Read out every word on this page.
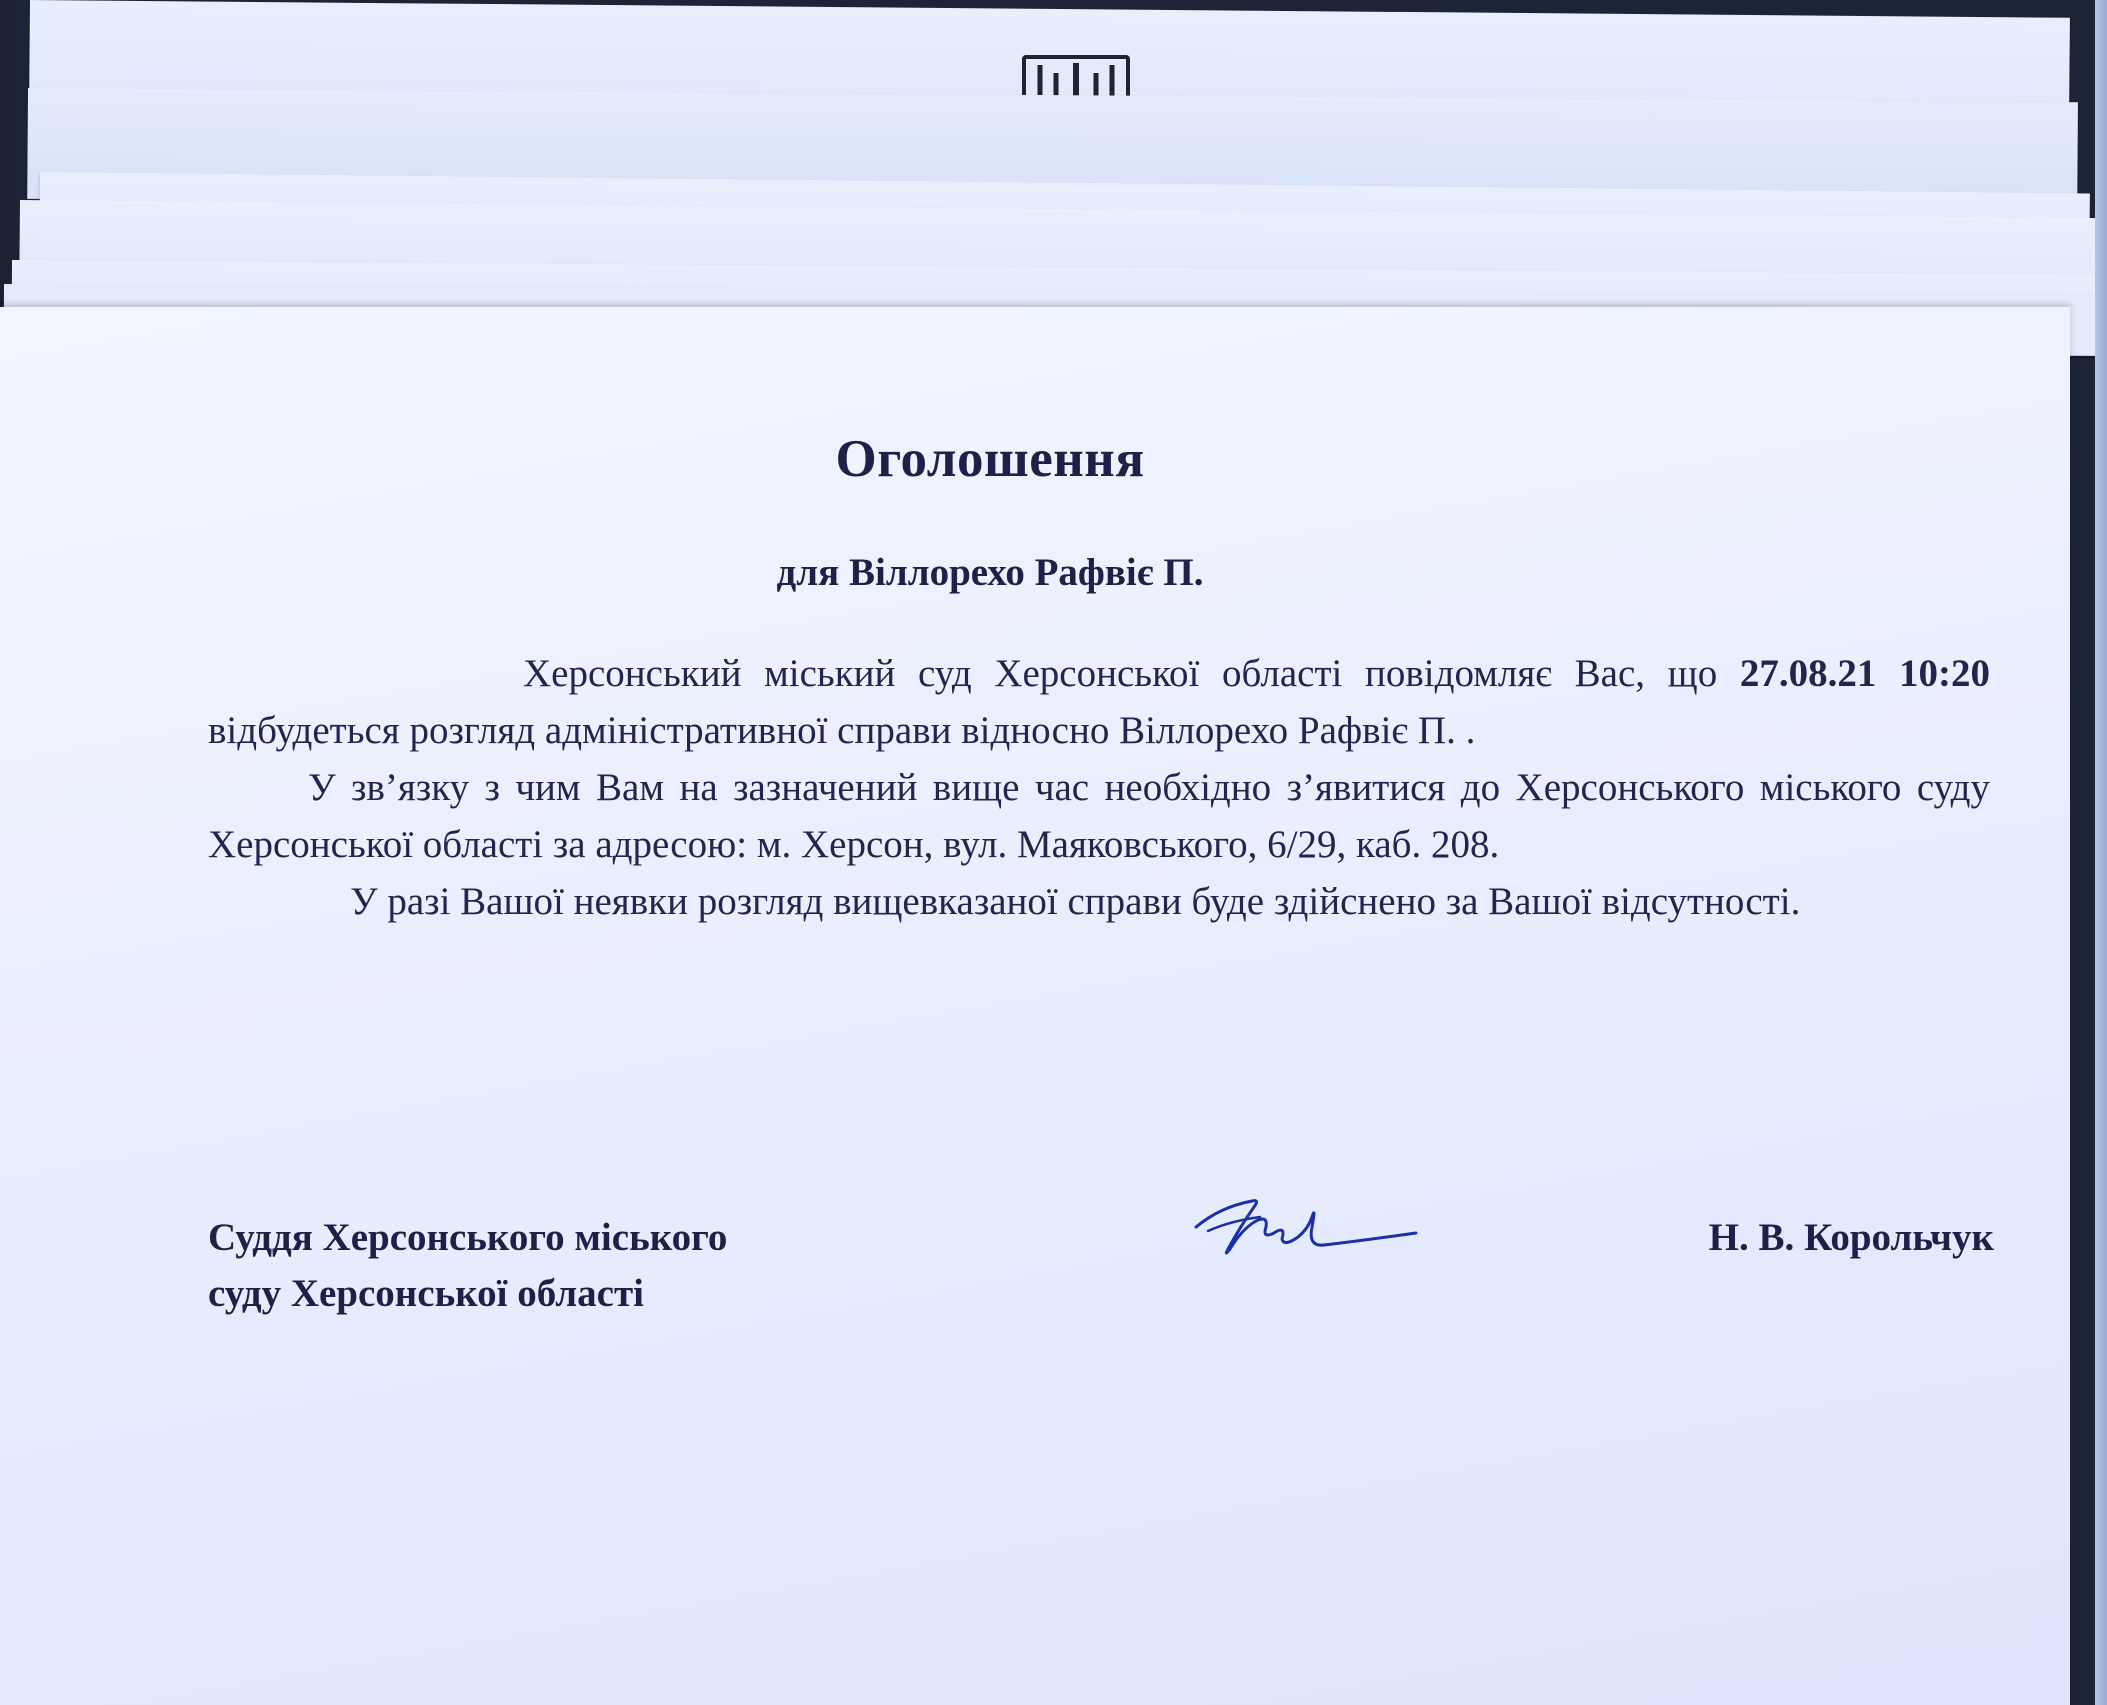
Оголошення
для Віллорехо Рафвіє П.

Херсонський міський суд Херсонської області повідомляє Вас, що 27.08.21 10:20 відбудеться розгляд адміністративної справи відносно Віллорехо Рафвіє П. .

У зв’язку з чим Вам на зазначений вище час необхідно з’явитися до Херсонського міського суду Херсонської області за адресою: м. Херсон, вул. Маяковського, 6/29, каб. 208.

У разі Вашої неявки розгляд вищевказаної справи буде здійснено за Вашої відсутності.

Суддя Херсонського міського
суду Херсонської області
Н. В. Корольчук
